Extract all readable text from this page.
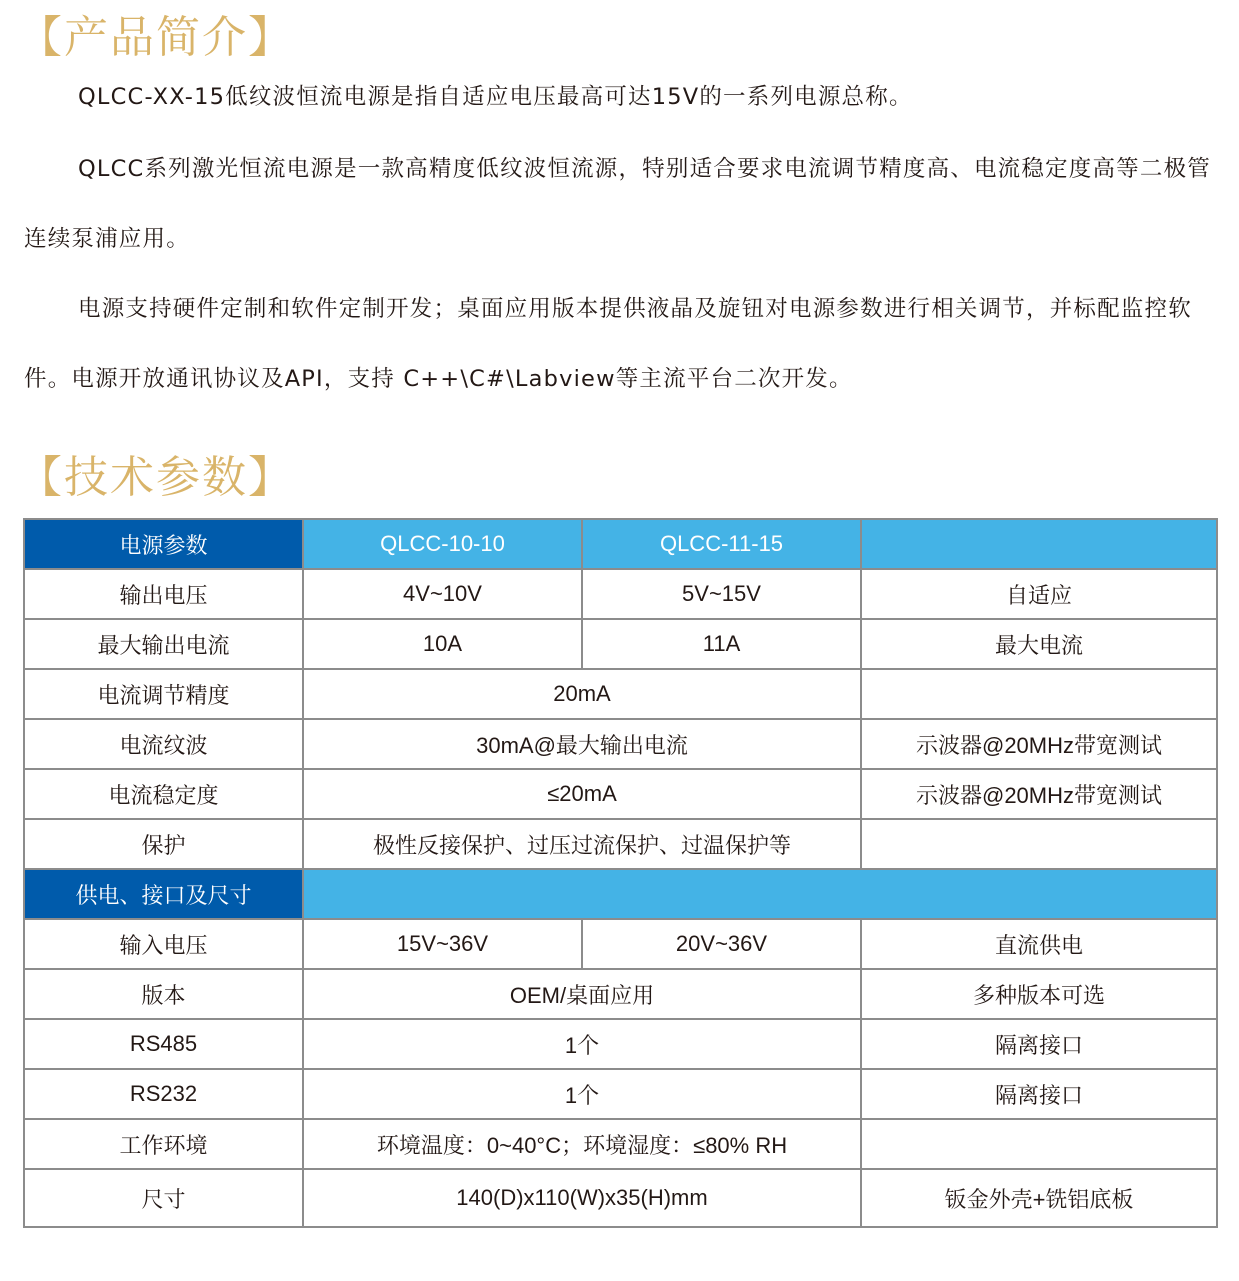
【产品简介】

QLCC-XX-15低纹波恒流电源是指自适应电压最高可达15V的一系列电源总称。

QLCC系列激光恒流电源是一款高精度低纹波恒流源，特别适合要求电流调节精度高、电流稳定度高等二极管连续泵浦应用。

电源支持硬件定制和软件定制开发；桌面应用版本提供液晶及旋钮对电源参数进行相关调节，并标配监控软件。电源开放通讯协议及API，支持 C++\C#\Labview等主流平台二次开发。

【技术参数】
电源参数	QLCC-10-10	QLCC-11-15	
输出电压	4V~10V	5V~15V	自适应
最大输出电流	10A	11A	最大电流
电流调节精度	20mA		
电流纹波	30mA@最大输出电流		示波器@20MHz带宽测试
电流稳定度	≤20mA		示波器@20MHz带宽测试
保护	极性反接保护、过压过流保护、过温保护等		
供电、接口及尺寸			
输入电压	15V~36V	20V~36V	直流供电
版本	OEM/桌面应用		多种版本可选
RS485	1个		隔离接口
RS232	1个		隔离接口
工作环境	环境温度：0~40°C；环境湿度：≤80% RH		
尺寸	140(D)x110(W)x35(H)mm		钣金外壳+铣铝底板
